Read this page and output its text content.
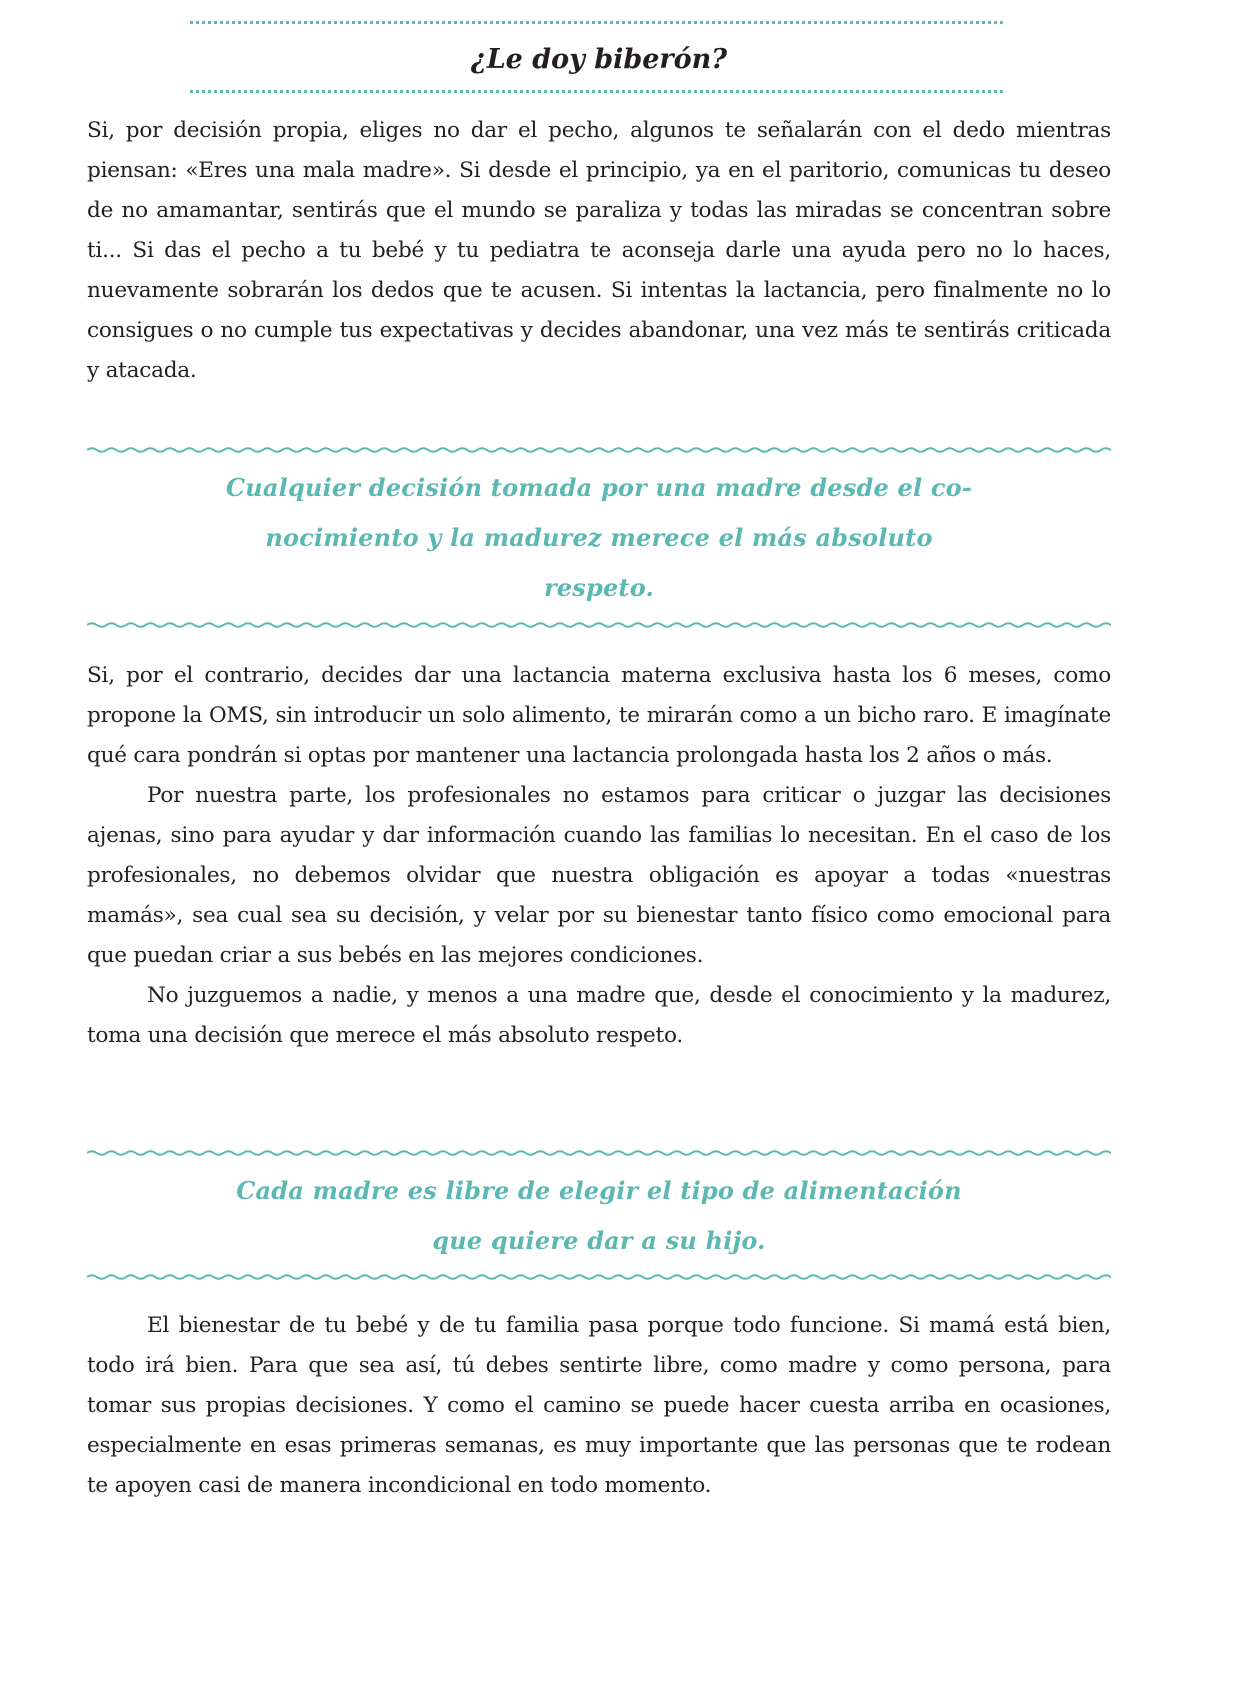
¿Le doy biberón?

Si, por decisión propia, eliges no dar el pecho, algunos te señalarán con el dedo mientras piensan: «Eres una mala madre». Si desde el principio, ya en el paritorio, comunicas tu deseo de no amamantar, sentirás que el mundo se paraliza y todas las miradas se concentran sobre ti... Si das el pecho a tu bebé y tu pediatra te aconseja darle una ayuda pero no lo haces, nuevamente sobrarán los dedos que te acusen. Si intentas la lactancia, pero finalmente no lo consigues o no cumple tus expectativas y decides abandonar, una vez más te sentirás criticada y atacada.

Cualquier decisión tomada por una madre desde el co-
nocimiento y la madurez merece el más absoluto
respeto.

Si, por el contrario, decides dar una lactancia materna exclusiva hasta los 6 meses, como propone la OMS, sin introducir un solo alimento, te mirarán como a un bicho raro. E imagínate qué cara pondrán si optas por mantener una lactancia prolongada hasta los 2 años o más.

Por nuestra parte, los profesionales no estamos para criticar o juzgar las decisiones ajenas, sino para ayudar y dar información cuando las familias lo necesitan. En el caso de los profesionales, no debemos olvidar que nuestra obligación es apoyar a todas «nuestras mamás», sea cual sea su decisión, y velar por su bienestar tanto físico como emocional para que puedan criar a sus bebés en las mejores condiciones.

No juzguemos a nadie, y menos a una madre que, desde el conocimiento y la madurez, toma una decisión que merece el más absoluto respeto.

Cada madre es libre de elegir el tipo de alimentación
que quiere dar a su hijo.

El bienestar de tu bebé y de tu familia pasa porque todo funcione. Si mamá está bien, todo irá bien. Para que sea así, tú debes sentirte libre, como madre y como persona, para tomar sus propias decisiones. Y como el camino se puede hacer cuesta arriba en ocasiones, especialmente en esas primeras semanas, es muy importante que las personas que te rodean te apoyen casi de manera incondicional en todo momento.
